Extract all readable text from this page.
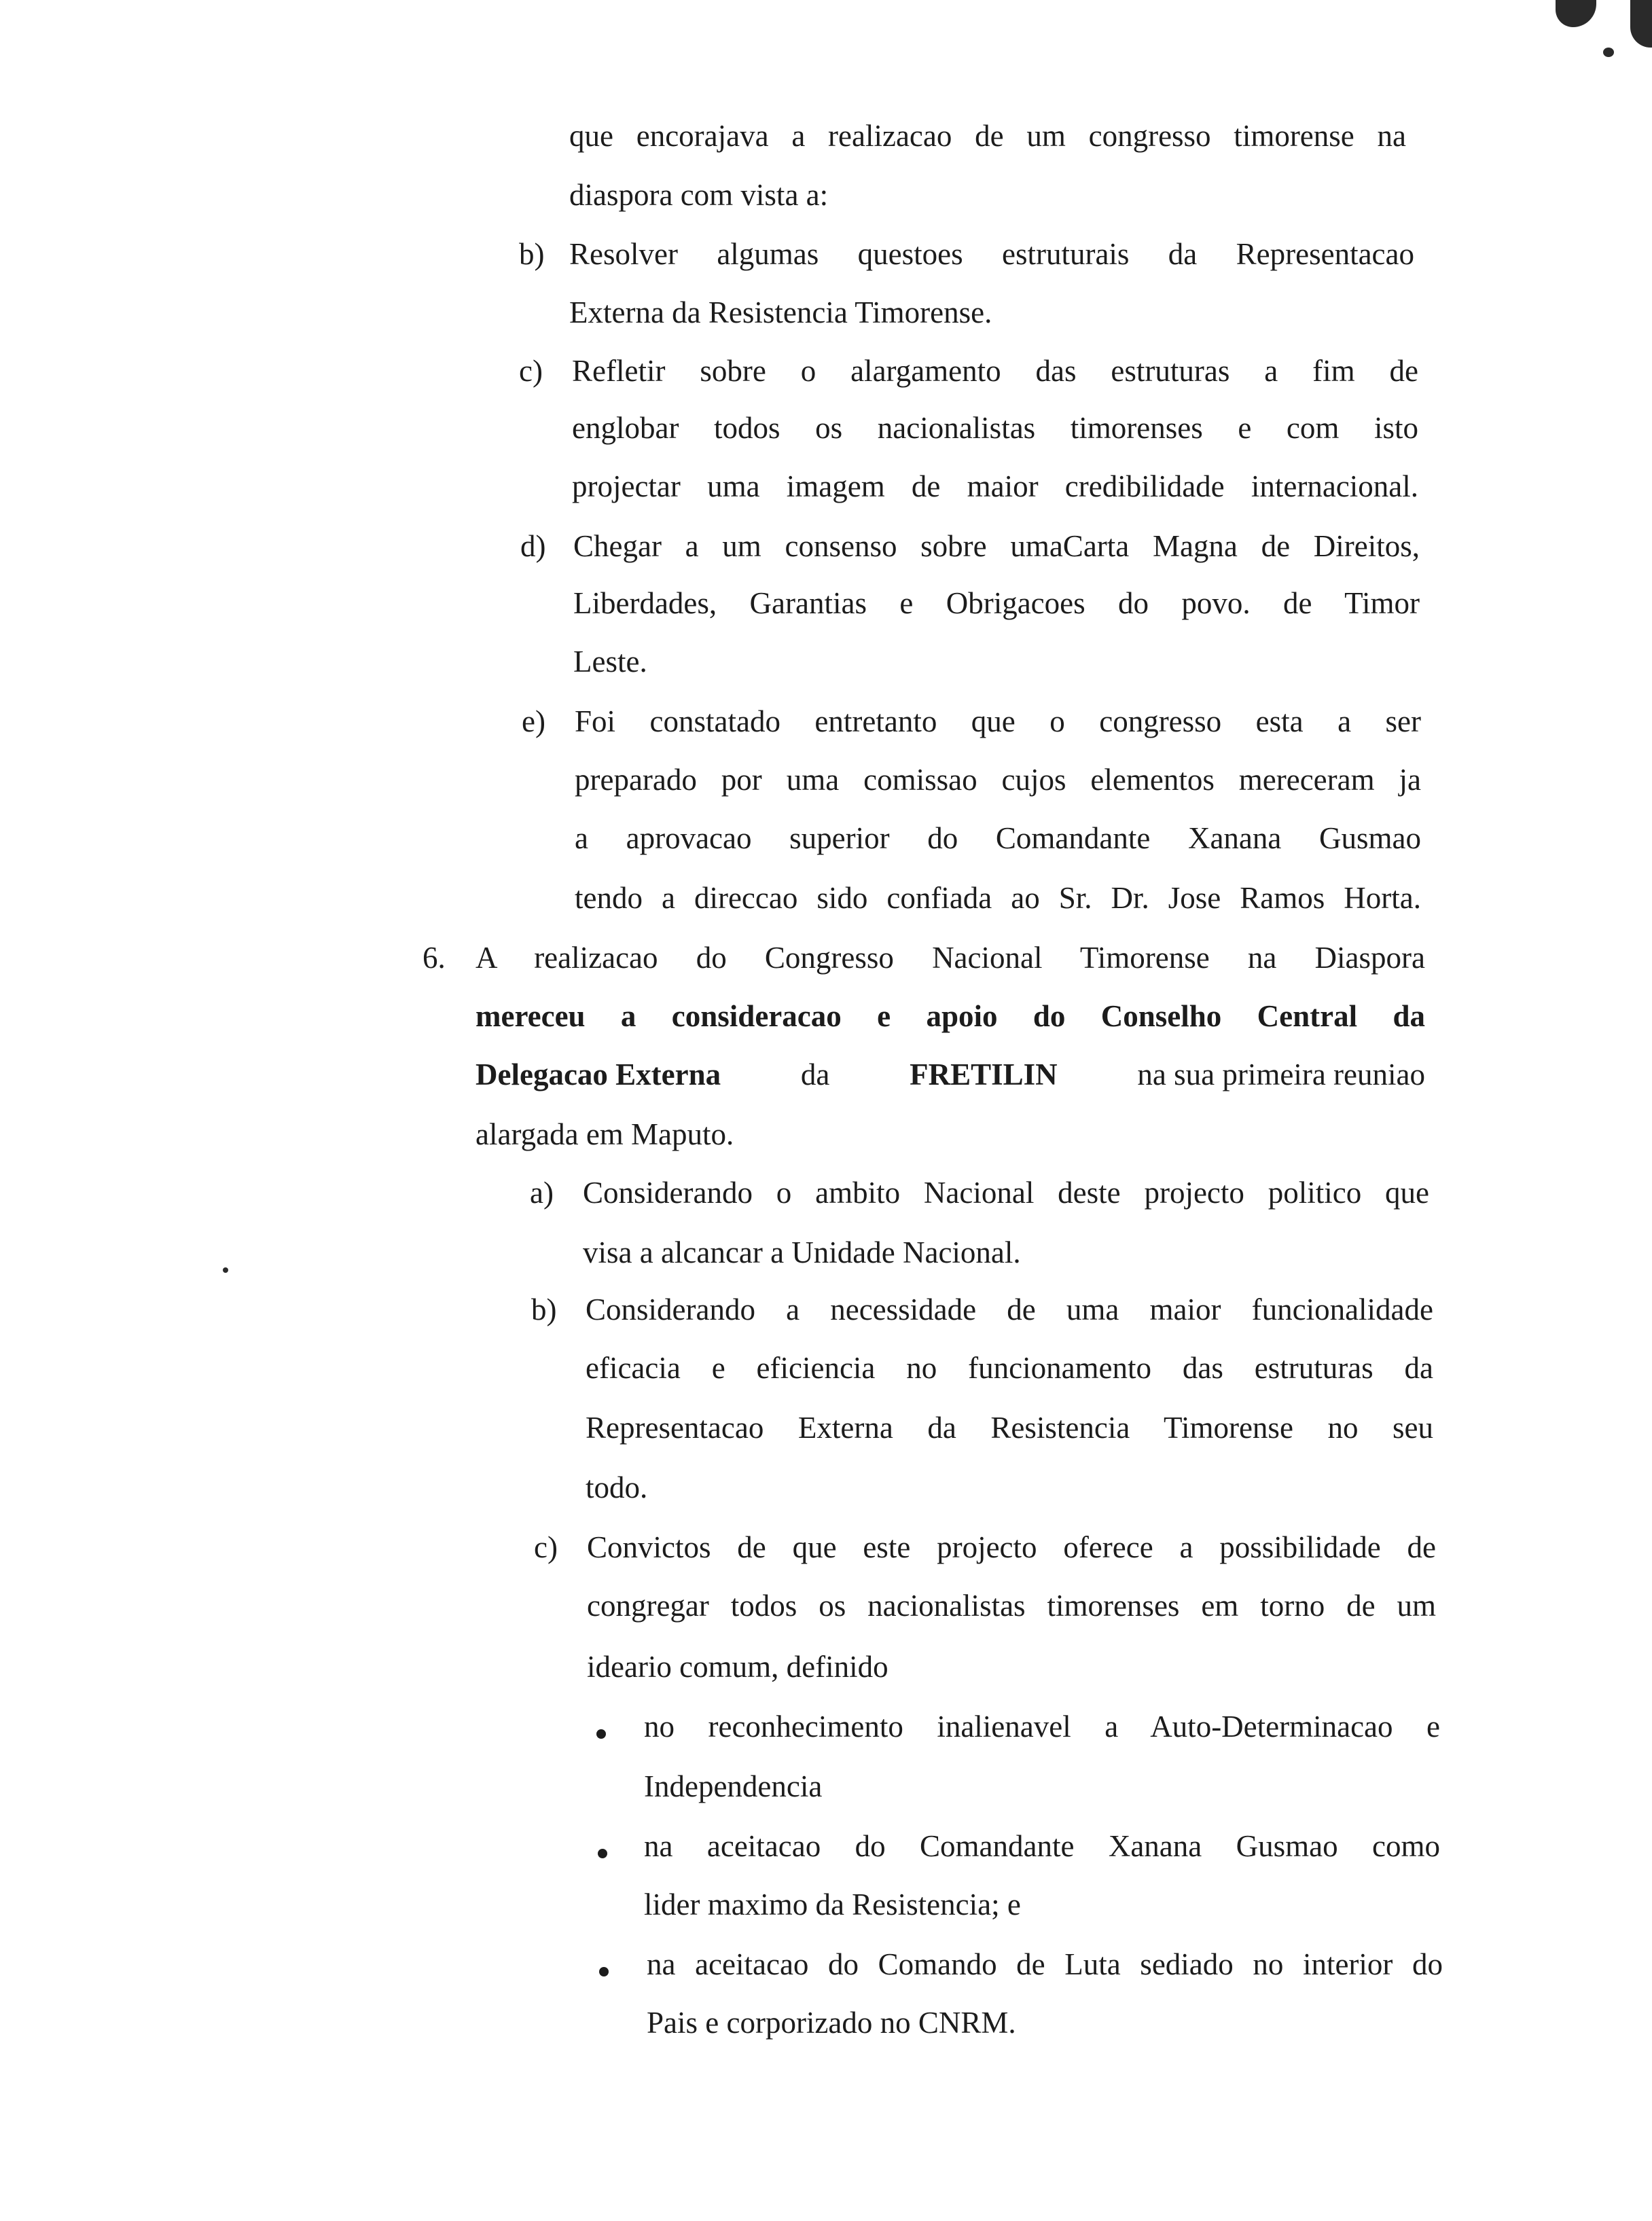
que encorajava a realizacao de um congresso timorense na
diaspora com vista a:
b) Resolver algumas questoes estruturais da Representacao
Externa da Resistencia Timorense.
c) Refletir sobre o alargamento das estruturas a fim de
englobar todos os nacionalistas timorenses e com isto
projectar uma imagem de maior credibilidade internacional.
d) Chegar a um consenso sobre umaCarta Magna de Direitos,
Liberdades, Garantias e Obrigacoes do povo. de Timor
Leste.
e) Foi constatado entretanto que o congresso esta a ser
preparado por uma comissao cujos elementos mereceram ja
a aprovacao superior do Comandante Xanana Gusmao
tendo a direccao sido confiada ao Sr. Dr. Jose Ramos Horta.
6. A realizacao do Congresso Nacional Timorense na Diaspora
mereceu a consideracao e apoio do Conselho Central da
Delegacao Externa	da	FRETILIN	na sua primeira reuniao
alargada em Maputo.
a) Considerando o ambito Nacional deste projecto politico que
visa a alcancar a Unidade Nacional.
b) Considerando a necessidade de uma maior funcionalidade
eficacia e eficiencia no funcionamento das estruturas da
Representacao Externa da Resistencia Timorense no seu
todo.
c) Convictos de que este projecto oferece a possibilidade de
congregar todos os nacionalistas timorenses em torno de um
ideario comum, definido
no reconhecimento inalienavel a Auto-Determinacao e
Independencia
na aceitacao do Comandante Xanana Gusmao como
lider maximo da Resistencia; e
na aceitacao do Comando de Luta sediado no interior do
Pais e corporizado no CNRM.
